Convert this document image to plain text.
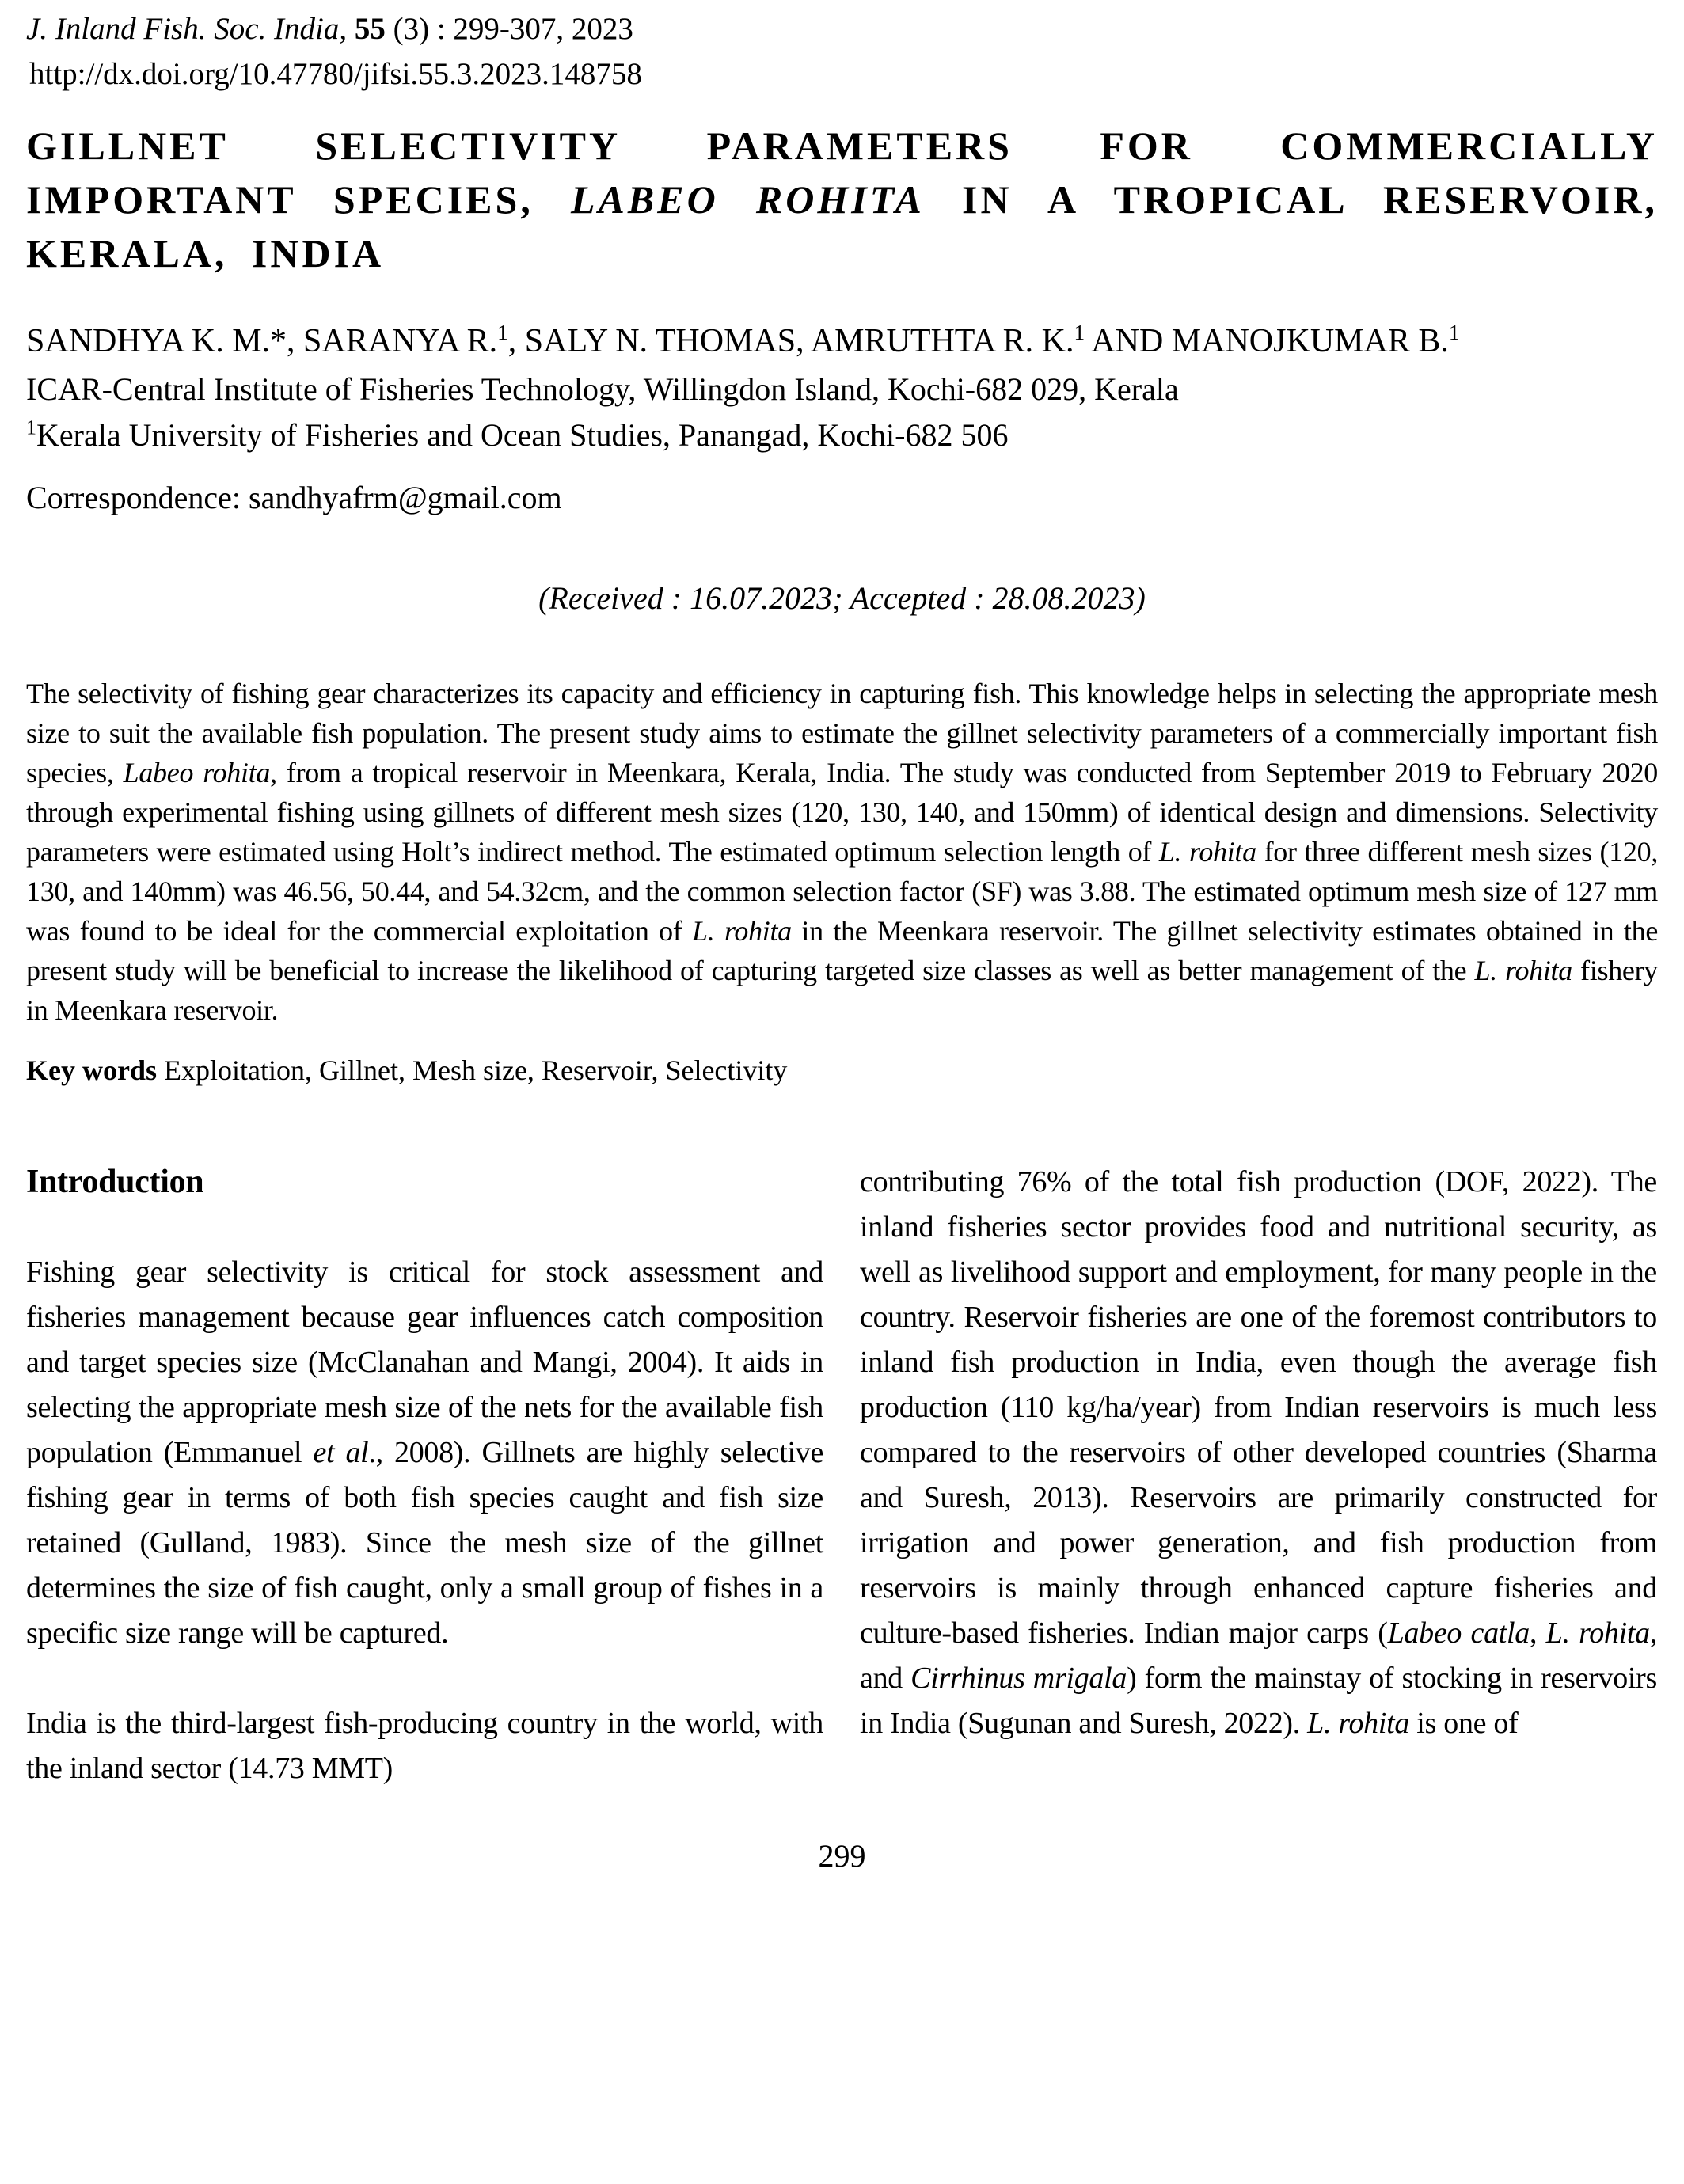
J. Inland Fish. Soc. India, 55 (3) : 299-307, 2023
http://dx.doi.org/10.47780/jifsi.55.3.2023.148758
GILLNET SELECTIVITY PARAMETERS FOR COMMERCIALLY IMPORTANT SPECIES, LABEO ROHITA IN A TROPICAL RESERVOIR, KERALA, INDIA
SANDHYA K. M.*, SARANYA R.$^1$, SALY N. THOMAS, AMRUTHTA R. K.$^1$ AND MANOJKUMAR B.$^1$
ICAR-Central Institute of Fisheries Technology, Willingdon Island, Kochi-682 029, Kerala
$^1$Kerala University of Fisheries and Ocean Studies, Panangad, Kochi-682 506
Correspondence: sandhyafrm@gmail.com
(Received : 16.07.2023; Accepted : 28.08.2023)
The selectivity of fishing gear characterizes its capacity and efficiency in capturing fish. This knowledge helps in selecting the appropriate mesh size to suit the available fish population. The present study aims to estimate the gillnet selectivity parameters of a commercially important fish species, Labeo rohita, from a tropical reservoir in Meenkara, Kerala, India. The study was conducted from September 2019 to February 2020 through experimental fishing using gillnets of different mesh sizes (120, 130, 140, and 150mm) of identical design and dimensions. Selectivity parameters were estimated using Holt’s indirect method. The estimated optimum selection length of L. rohita for three different mesh sizes (120, 130, and 140mm) was 46.56, 50.44, and 54.32cm, and the common selection factor (SF) was 3.88. The estimated optimum mesh size of 127 mm was found to be ideal for the commercial exploitation of L. rohita in the Meenkara reservoir. The gillnet selectivity estimates obtained in the present study will be beneficial to increase the likelihood of capturing targeted size classes as well as better management of the L. rohita fishery in Meenkara reservoir.
Key words Exploitation, Gillnet, Mesh size, Reservoir, Selectivity
Introduction

Fishing gear selectivity is critical for stock assessment and fisheries management because gear influences catch composition and target species size (McClanahan and Mangi, 2004). It aids in selecting the appropriate mesh size of the nets for the available fish population (Emmanuel et al., 2008). Gillnets are highly selective fishing gear in terms of both fish species caught and fish size retained (Gulland, 1983). Since the mesh size of the gillnet determines the size of fish caught, only a small group of fishes in a specific size range will be captured.

India is the third-largest fish-producing country in the world, with the inland sector (14.73 MMT)

contributing 76% of the total fish production (DOF, 2022). The inland fisheries sector provides food and nutritional security, as well as livelihood support and employment, for many people in the country. Reservoir fisheries are one of the foremost contributors to inland fish production in India, even though the average fish production (110 kg/ha/year) from Indian reservoirs is much less compared to the reservoirs of other developed countries (Sharma and Suresh, 2013). Reservoirs are primarily constructed for irrigation and power generation, and fish production from reservoirs is mainly through enhanced capture fisheries and culture-based fisheries. Indian major carps (Labeo catla, L. rohita, and Cirrhinus mrigala) form the mainstay of stocking in reservoirs in India (Sugunan and Suresh, 2022). L. rohita is one of

299
